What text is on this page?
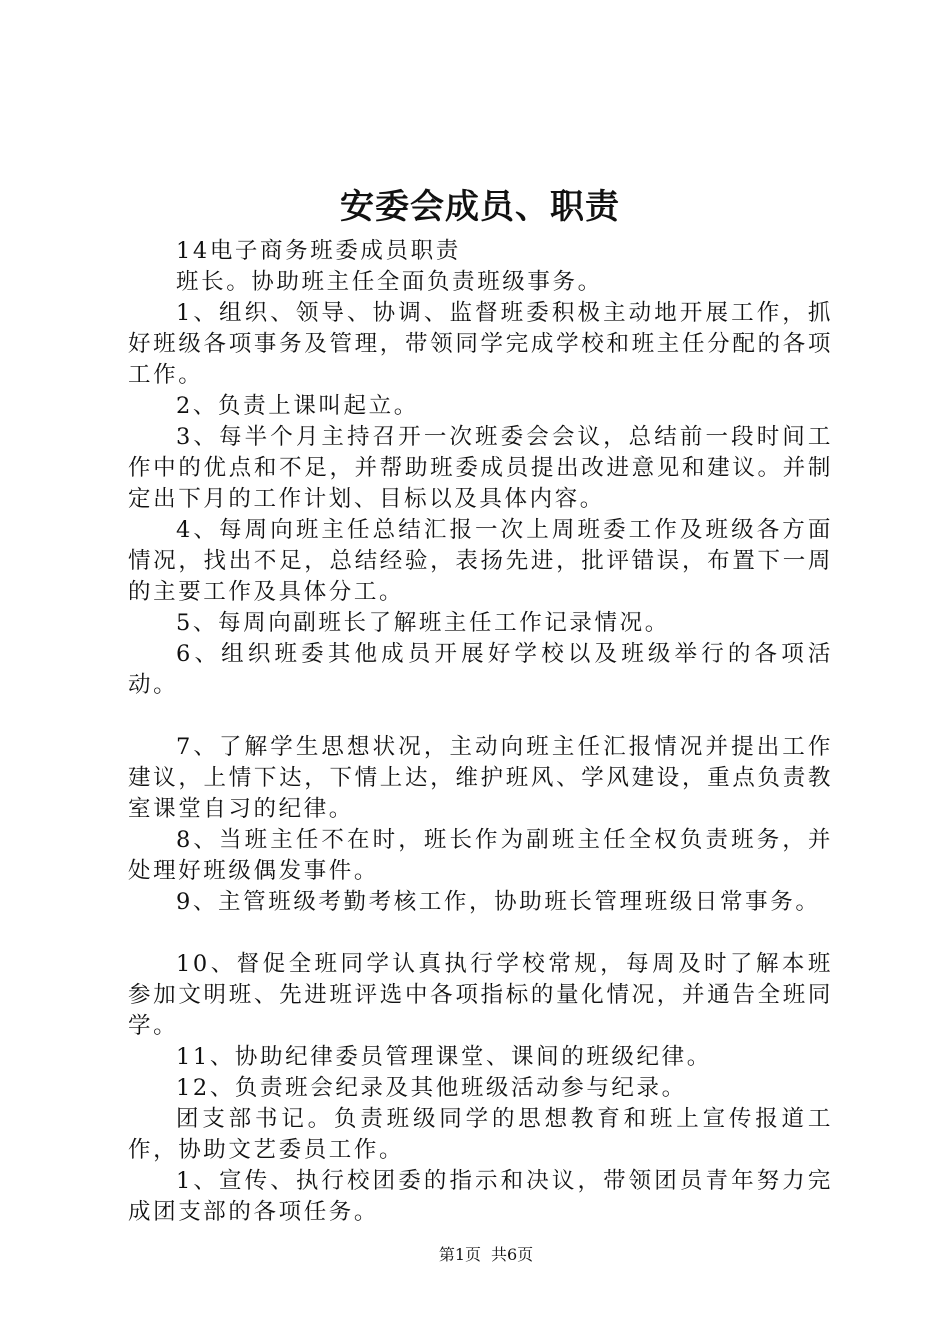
安委会成员、职责

14电子商务班委成员职责

班长。协助班主任全面负责班级事务。

1、组织、领导、协调、监督班委积极主动地开展工作，抓好班级各项事务及管理，带领同学完成学校和班主任分配的各项工作。

2、负责上课叫起立。

3、每半个月主持召开一次班委会会议，总结前一段时间工作中的优点和不足，并帮助班委成员提出改进意见和建议。并制定出下月的工作计划、目标以及具体内容。

4、每周向班主任总结汇报一次上周班委工作及班级各方面情况，找出不足，总结经验，表扬先进，批评错误，布置下一周的主要工作及具体分工。

5、每周向副班长了解班主任工作记录情况。

6、组织班委其他成员开展好学校以及班级举行的各项活动。

7、了解学生思想状况，主动向班主任汇报情况并提出工作建议，上情下达，下情上达，维护班风、学风建设，重点负责教室课堂自习的纪律。

8、当班主任不在时，班长作为副班主任全权负责班务，并处理好班级偶发事件。

9、主管班级考勤考核工作，协助班长管理班级日常事务。

10、督促全班同学认真执行学校常规，每周及时了解本班参加文明班、先进班评选中各项指标的量化情况，并通告全班同学。

11、协助纪律委员管理课堂、课间的班级纪律。

12、负责班会纪录及其他班级活动参与纪录。

团支部书记。负责班级同学的思想教育和班上宣传报道工作，协助文艺委员工作。

1、宣传、执行校团委的指示和决议，带领团员青年努力完成团支部的各项任务。

第1页 共6页
